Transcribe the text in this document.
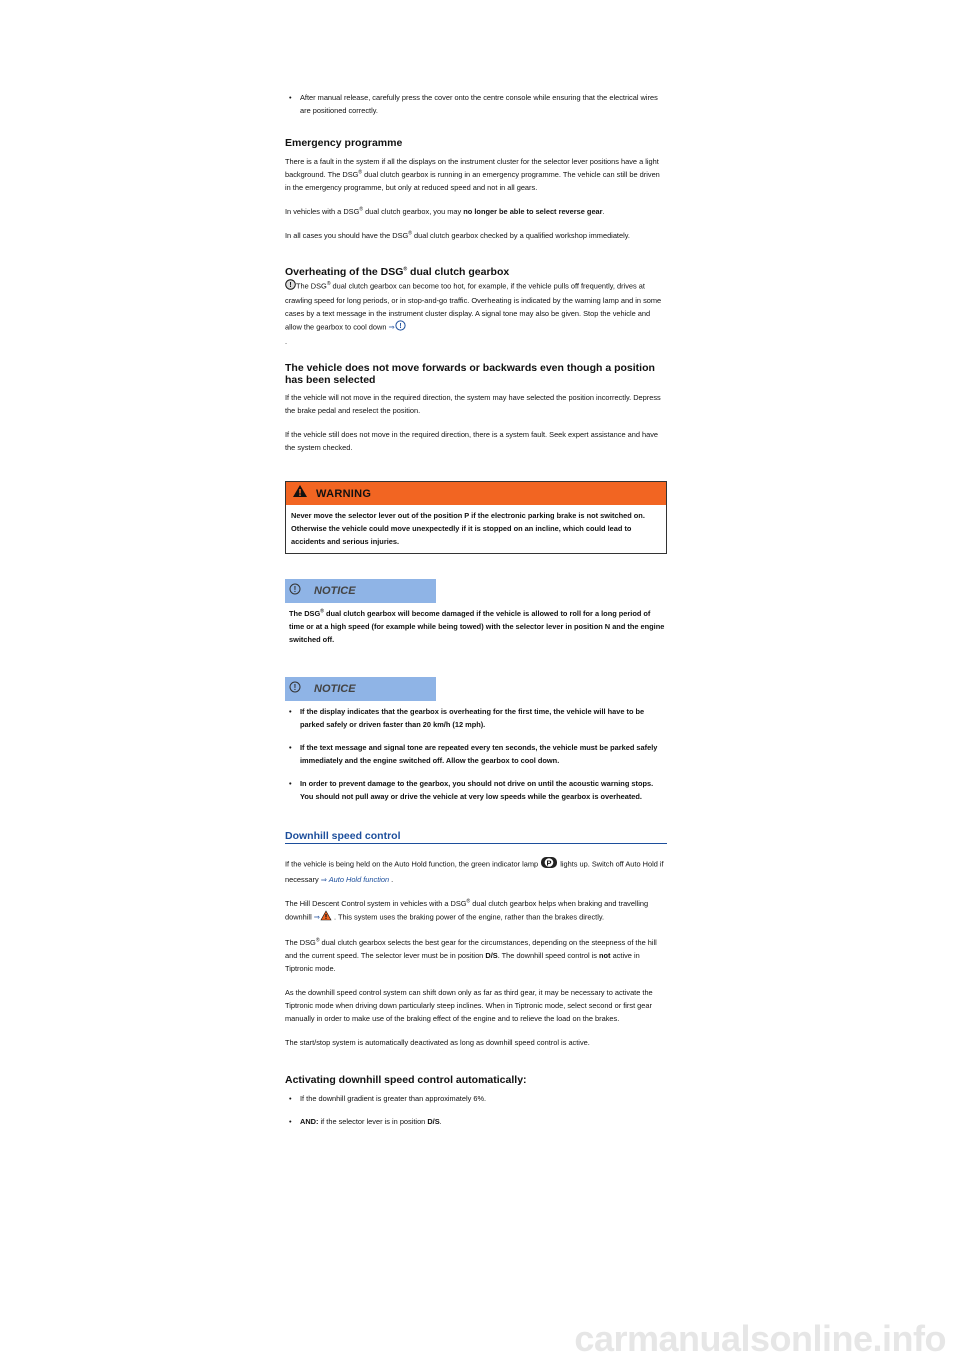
• After manual release, carefully press the cover onto the centre console while ensuring that the electrical wires are positioned correctly.
Emergency programme

There is a fault in the system if all the displays on the instrument cluster for the selector lever positions have a light background. The DSG® dual clutch gearbox is running in an emergency programme. The vehicle can still be driven in the emergency programme, but only at reduced speed and not in all gears.

In vehicles with a DSG® dual clutch gearbox, you may no longer be able to select reverse gear.

In all cases you should have the DSG® dual clutch gearbox checked by a qualified workshop immediately.

Overheating of the DSG® dual clutch gearbox

! The DSG® dual clutch gearbox can become too hot, for example, if the vehicle pulls off frequently, drives at crawling speed for long periods, or in stop-and-go traffic. Overheating is indicated by the warning lamp and in some cases by a text message in the instrument cluster display. A signal tone may also be given. Stop the vehicle and allow the gearbox to cool down ⇒ !

.

The vehicle does not move forwards or backwards even though a position has been selected

If the vehicle will not move in the required direction, the system may have selected the position incorrectly. Depress the brake pedal and reselect the position.

If the vehicle still does not move in the required direction, there is a system fault. Seek expert assistance and have the system checked.

WARNING
Never move the selector lever out of the position P if the electronic parking brake is not switched on. Otherwise the vehicle could move unexpectedly if it is stopped on an incline, which could lead to accidents and serious injuries.
! NOTICE
The DSG® dual clutch gearbox will become damaged if the vehicle is allowed to roll for a long period of time or at a high speed (for example while being towed) with the selector lever in position N and the engine switched off.
! NOTICE
• If the display indicates that the gearbox is overheating for the first time, the vehicle will have to be parked safely or driven faster than 20 km/h (12 mph).
• If the text message and signal tone are repeated every ten seconds, the vehicle must be parked safely immediately and the engine switched off. Allow the gearbox to cool down.
• In order to prevent damage to the gearbox, you should not drive on until the acoustic warning stops. You should not pull away or drive the vehicle at very low speeds while the gearbox is overheated.
Downhill speed control

If the vehicle is being held on the Auto Hold function, the green indicator lamp P lights up. Switch off Auto Hold if necessary ⇒ Auto Hold function .

The Hill Descent Control system in vehicles with a DSG® dual clutch gearbox helps when braking and travelling downhill ⇒ . This system uses the braking power of the engine, rather than the brakes directly.

The DSG® dual clutch gearbox selects the best gear for the circumstances, depending on the steepness of the hill and the current speed. The selector lever must be in position D/S. The downhill speed control is not active in Tiptronic mode.

As the downhill speed control system can shift down only as far as third gear, it may be necessary to activate the Tiptronic mode when driving down particularly steep inclines. When in Tiptronic mode, select second or first gear manually in order to make use of the braking effect of the engine and to relieve the load on the brakes.

The start/stop system is automatically deactivated as long as downhill speed control is active.

Activating downhill speed control automatically:
• If the downhill gradient is greater than approximately 6%.
• AND: if the selector lever is in position D/S.
carmanualsonline.info
